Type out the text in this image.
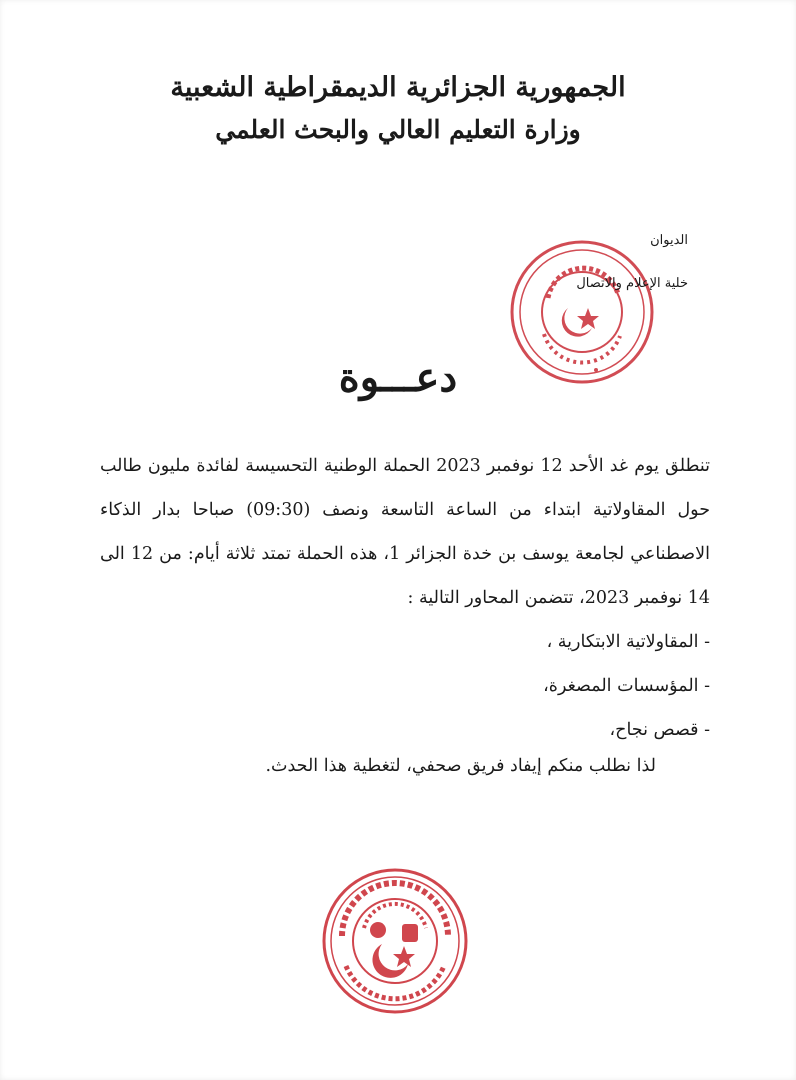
الجمهورية الجزائرية الديمقراطية الشعبية
وزارة التعليم العالي والبحث العلمي
الديوان
خلية الإعلام والاتصال
دعـــوة

تنطلق يوم غد الأحد 12 نوفمبر 2023 الحملة الوطنية التحسيسة لفائدة مليون طالب حول المقاولاتية ابتداء من الساعة التاسعة ونصف (09:30) صباحا بدار الذكاء الاصطناعي لجامعة يوسف بن خدة الجزائر 1، هذه الحملة تمتد ثلاثة أيام: من 12 الى 14 نوفمبر 2023، تتضمن المحاور التالية :

- المقاولاتية الابتكارية ،
- المؤسسات المصغرة،
- قصص نجاح،
لذا نطلب منكم إيفاد فريق صحفي، لتغطية هذا الحدث.
